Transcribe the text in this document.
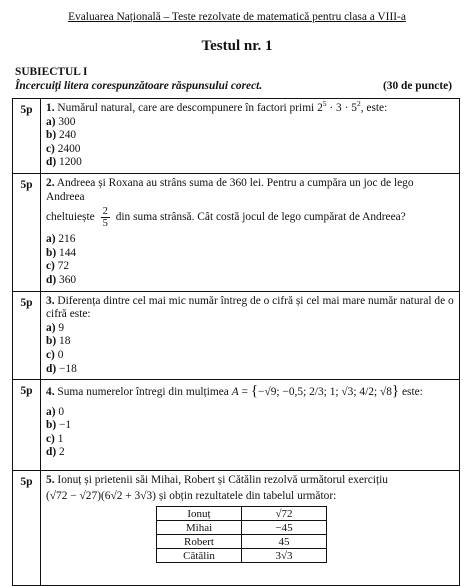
Evaluarea Națională – Teste rezolvate de matematică pentru clasa a VIII-a
Testul nr. 1
SUBIECTUL I
Încercuiți litera corespunzătoare răspunsului corect.	(30 de puncte)
5p	1. Numărul natural, care are descompunere în factori primi $2^5 \cdot 3 \cdot 5^2$, este:
a) 300
b) 240
c) 2400
d) 1200

5p	2. Andreea și Roxana au strâns suma de 360 lei. Pentru a cumpăra un joc de lego Andreea
cheltuiește $\frac{2}{5}$ din suma strânsă. Cât costă jocul de lego cumpărat de Andreea?
a) 216
b) 144
c) 72
d) 360

5p	3. Diferența dintre cel mai mic număr întreg de o cifră și cel mai mare număr natural de o cifră este:
a) 9
b) 18
c) 0
d) −18

5p	4. Suma numerelor întregi din mulțimea A = {−√9; −0,5; 2/3; 1; √3; 4/2; √8} este:
a) 0
b) −1
c) 1
d) 2

5p	5. Ionuț și prietenii săi Mihai, Robert și Cătălin rezolvă următorul exercițiu
(√72 − √27)(6√2 + 3√3) și obțin rezultatele din tabelul următor:
Ionuț	√72
Mihai	−45
Robert	45
Cătălin	3√3
